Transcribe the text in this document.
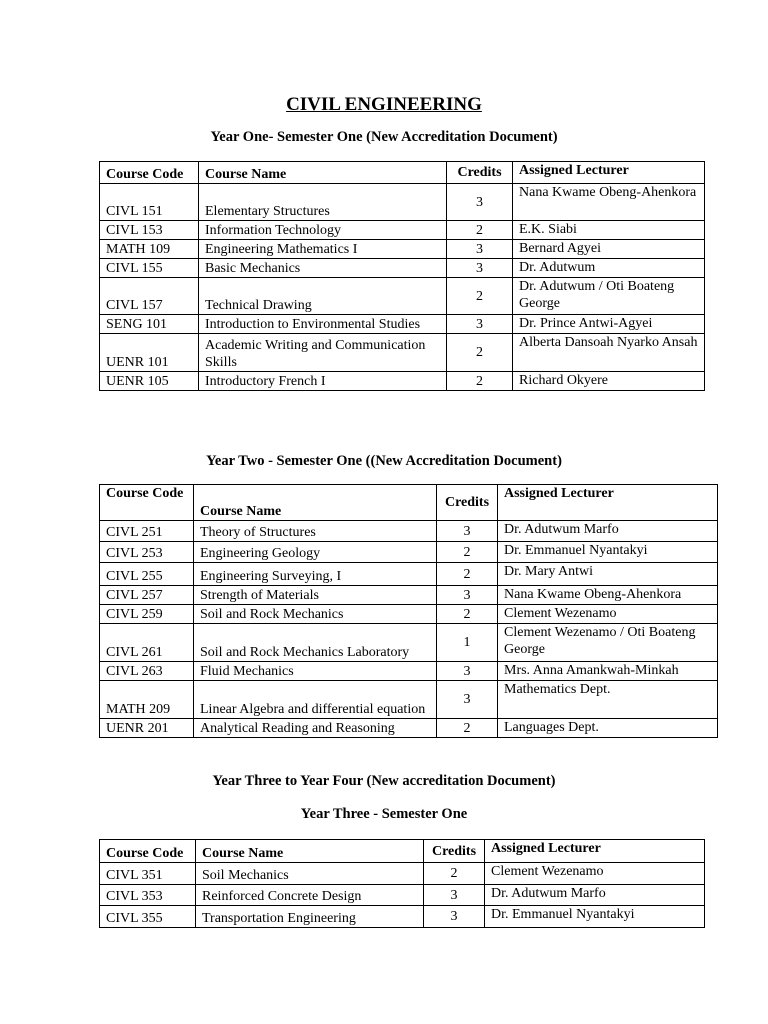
CIVIL ENGINEERING
Year One- Semester One (New Accreditation Document)
Course Code	Course Name	Credits	Assigned Lecturer
CIVL 151	Elementary Structures	3	Nana Kwame Obeng-Ahenkora
CIVL 153	Information Technology	2	E.K. Siabi
MATH 109	Engineering Mathematics I	3	Bernard Agyei
CIVL 155	Basic Mechanics	3	Dr. Adutwum
CIVL 157	Technical Drawing	2	Dr. Adutwum / Oti Boateng George
SENG 101	Introduction to Environmental Studies	3	Dr. Prince Antwi-Agyei
UENR 101	Academic Writing and Communication Skills	2	Alberta Dansoah Nyarko Ansah
UENR 105	Introductory French I	2	Richard Okyere
Year Two - Semester One ((New Accreditation Document)
Course Code	Course Name	Credits	Assigned Lecturer
CIVL 251	Theory of Structures	3	Dr. Adutwum Marfo
CIVL 253	Engineering Geology	2	Dr. Emmanuel Nyantakyi
CIVL 255	Engineering Surveying, I	2	Dr. Mary Antwi
CIVL 257	Strength of Materials	3	Nana Kwame Obeng-Ahenkora
CIVL 259	Soil and Rock Mechanics	2	Clement Wezenamo
CIVL 261	Soil and Rock Mechanics Laboratory	1	Clement Wezenamo / Oti Boateng George
CIVL 263	Fluid Mechanics	3	Mrs. Anna Amankwah-Minkah
MATH 209	Linear Algebra and differential equation	3	Mathematics Dept.
UENR 201	Analytical Reading and Reasoning	2	Languages Dept.
Year Three to Year Four (New accreditation Document)
Year Three - Semester One
Course Code	Course Name	Credits	Assigned Lecturer
CIVL 351	Soil Mechanics	2	Clement Wezenamo
CIVL 353	Reinforced Concrete Design	3	Dr. Adutwum Marfo
CIVL 355	Transportation Engineering	3	Dr. Emmanuel Nyantakyi
